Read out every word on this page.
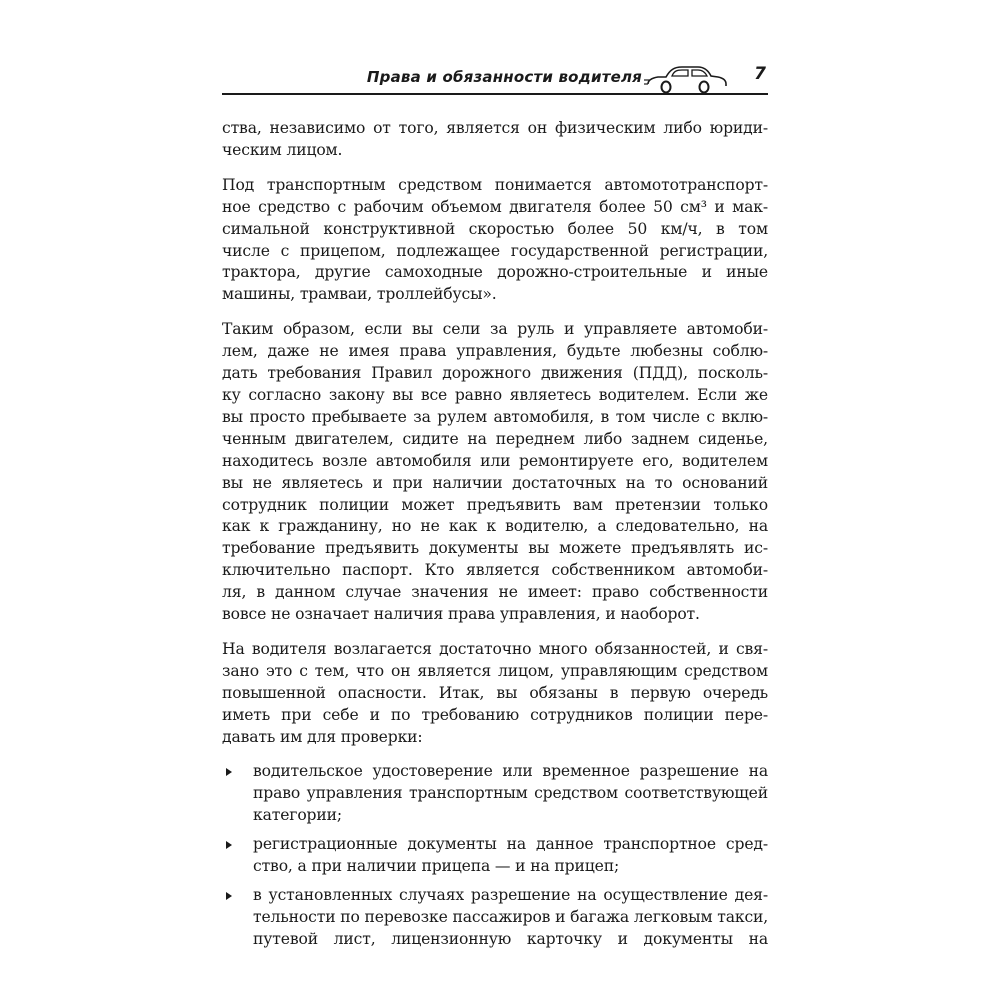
Права и обязанности водителя	7

ства, независимо от того, является он физическим либо юриди-
ческим лицом.

Под транспортным средством понимается автомототранспорт-
ное средство с рабочим объемом двигателя более 50 см³ и мак-
симальной конструктивной скоростью более 50 км/ч, в том
числе с прицепом, подлежащее государственной регистрации,
трактора, другие самоходные дорожно-строительные и иные
машины, трамваи, троллейбусы».

Таким образом, если вы сели за руль и управляете автомоби-
лем, даже не имея права управления, будьте любезны соблю-
дать требования Правил дорожного движения (ПДД), посколь-
ку согласно закону вы все равно являетесь водителем. Если же
вы просто пребываете за рулем автомобиля, в том числе с вклю-
ченным двигателем, сидите на переднем либо заднем сиденье,
находитесь возле автомобиля или ремонтируете его, водителем
вы не являетесь и при наличии достаточных на то оснований
сотрудник полиции может предъявить вам претензии только
как к гражданину, но не как к водителю, а следовательно, на
требование предъявить документы вы можете предъявлять ис-
ключительно паспорт. Кто является собственником автомоби-
ля, в данном случае значения не имеет: право собственности
вовсе не означает наличия права управления, и наоборот.

На водителя возлагается достаточно много обязанностей, и свя-
зано это с тем, что он является лицом, управляющим средством
повышенной опасности. Итак, вы обязаны в первую очередь
иметь при себе и по требованию сотрудников полиции пере-
давать им для проверки:

водительское удостоверение или временное разрешение на
право управления транспортным средством соответствующей
категории;
регистрационные документы на данное транспортное сред-
ство, а при наличии прицепа — и на прицеп;
в установленных случаях разрешение на осуществление дея-
тельности по перевозке пассажиров и багажа легковым такси,
путевой лист, лицензионную карточку и документы на
